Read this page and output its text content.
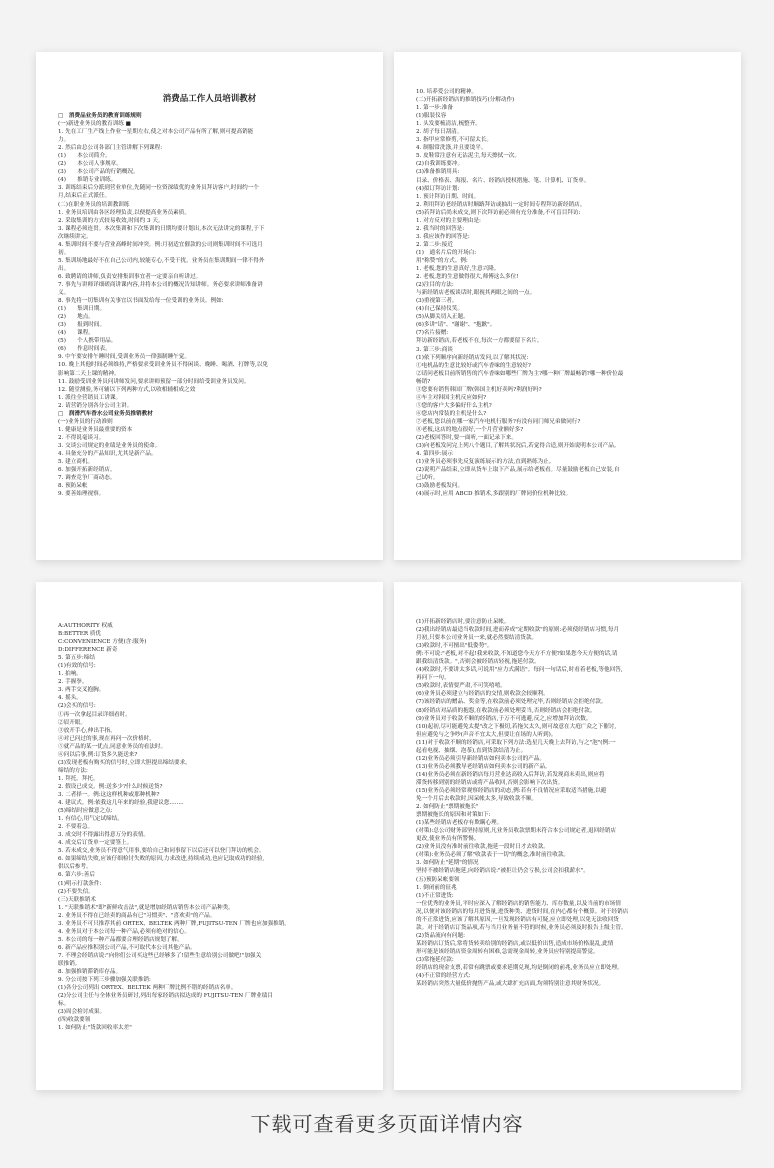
消费品工作人员培训教材
□　消费品业务员的教育训练规则
(一)新进业务员的教育训练 ■
1. 先在工厂生产线上作业一星期左右,使之对本公司产品有所了解,则可提高销能
力。
2. 然后由总公司各部门主管讲解下列课程:
(1)　　本公司简介。
(2)　　本公司人事规章。
(3)　　本公司产品的行销概况。
(4)　　推销专业训练。
3. 训练结束后分派到营业单位,先随同一位资深绩优的业务员拜访客户,时间约一个
月,结束后正式派任。
(二)在职业务员的培训教训练
1. 业务员培训由各区经理负责,以便提高业务员素质。
2. 采取集训的方式较易收效,时间约 3 天。
3. 课程必须连贯。本次集训和下次集训的日期均要计划出,本次无法讲完的课程,于下
次继续讲完。
4. 集训时间不要与营业高峰时间冲突。例:月初适宜催款的公司则集训时间不可选月
初。
5. 集训场地最好不在自己公司内,较能专心,不受干扰。业务员在集训期间一律不得外
出。
6. 致聘请的讲师,负责安排集训事宜者一定要亲自听讲过。
7. 事先与讲师详细磋商讲课内容,并将本公司的概况告知讲师。务必要求讲师准备讲
义。
8. 事先将一切集训有关事宜以书面发给每一位受训的业务员。例如:
(1)　　集训日期。
(2)　　地点。
(3)　　报到时间。
(4)　　课程。
(5)　　个人携带用品。
(6)　　作息时间表。
9. 中午要安排午睡时间,受训业务员一律强制睡午觉。
10. 晚上其他时间必须维持,严格要求受训业务员不得闲谈、晚睡、喝酒、打牌等,以免
影响第二天上课的精神。
11. 鼓励受训业务员问讲师发问,要求讲师预留一部分时间给受训业务员发问。
12. 随堂测验,务可辅以下列两种方式,以收相辅相成之效
1. 派往全营销员工讲课。
2. 请营销分别各分公司主讲。
□　润滑汽车香水公司业务员推销教材
(一)业务员的行动准则
1. 健康是业务员最重要的资本
2. 不得说毫谈习。
3. 交谈公司规定的业绩是业务员的使命。
4. 具备充分的产品知识,尤其是新产品。
5. 建立商机。
6. 加强开拓新经销店。
7. 调查竞争厂商动态。
8. 预防呆帐
9. 要善始理视察。
10. 培养爱公司的精神。
(二)开拓新经销店的推销技巧(分解动作)
1. 第一步:准备
(1)服装仪容
1. 头发要梳清洁,梳整齐。
2. 胡子每日刮清。
3. 指甲应常修剪,不可留太长。
4. 制服常洗涤,并且要烫平。
5. 皮鞋常注意有无沾泥尘,每天擦拭一次。
(2)自我训练要冲。
(3)准备推销用具:
目录、价格表、海报、名片、经销店授权措施、笔、计算机、订货单。
(4)拟订拜访计划:
1. 预计拜访日期、时间。
2. 利用拜访老经销店时顺路拜访或抽出一定时间专程拜访新经销店。
(5)若拜访后尚未成交,则下次拜访前必须有充分准备,不可盲目拜访:
1. 对方反对的主要理由是:
2. 我当时的回答是:
3. 我应该作的回答是:
2. 第二步:接近
(1)　通名片后的开场白:
用"称赞"的方式。例:
1. 老板,您的生意真好,生意兴隆。
2. 老板,您的生意做得很大,师傅这么多位!
(2)注目的方法:
与新经销店老板谈话时,眼视其两眼之间的一点。
(3)重视第三者。
(4)自己保持仪笑。
(5)从脚关切入正题。
(6)多讲"请"、"谢谢"、"抱歉"。
(7)名片接赠:
拜访新经销店,若老板不在,每次一方都要留下名片。
3. 第三步:商谈
(1)依下列顺序向新经销店发问,以了解其状况:
①电机品的生意比较好或汽车香味的生意较好?
②请问老板目前所销售的汽车香味如哪些厂牌为主?哪一种厂牌最畅销?哪一种价位最
畅销?
③您要有销售韩国厂牌(韩国主机好卖吗?利润好吗?
④车主对韩国主机反应如何?
⑤您的客户大多偏好什么主机?
⑥您店内常装的主机是什么?
⑦老板,您以前在哪一家汽车电机行服务?有没有同门师兄弟做同行?
⑧老板,这店的地点很好,一个月营业额好多?
(2)老板回答时,要一面听,一面记录下来。
(3)向老板发问完上列八个题目,了解其状况后,若觉得合适,则开始说明本公司产品。
4. 第四步:展示
(1)业务员必须事先反复演练展示的方法,直到熟练为止。
(2)说明产品结束,立即从货车上取下产品,展示给老板看。尽量鼓励老板自己安装,自
己试听。
(3)鼓励老板发问。
(4)展示时,应用 ABCD 推销术,多跟别的厂牌同价位机种比较。
A:AUTHORITY 权威
B:BETTER 质优
C:CONVENIENCE 方便(含:服务)
D:DIFFERENCE 新奇
5. 第五步:缔结
(1)有效的信号:
1. 拍响。
2. 手握拳。
3. 两手交叉抱胸。
4. 摇头。
(2)会买的信号:
①再一次拿起目录详细看时。
②眉开眼。
③放开手心,伸出手指。
④对已问过的事,现在再问一次价格时。
⑤就产品的某一优点,同意业务员的看法时。
⑥问以后事,例:订货多久能送来?
(3)发现老板有购买的信号时,立即大胆提出缔结要求。
缔结的方法:
1. 拜托。拜托。
2. 假设已成交。例:送多少?什么时候送货?
3. 二者择一。例:这这样机种或那种机种?
4. 建议式。例:依我这几年来的经验,我建议您........
(5)缔结时应做意之点:
1. 有信心,用气定试缔结。
2. 不要着急。
3. 成交时不得露出得意万分的表情。
4. 成交后订货单一定要签上。
5. 若未成交,业务员不得意气用事,要给自己和同事留下以后还可以登门拜访的机会。
6. 如果缔结失败,应该仔细检讨失败的原因,力求改进,持续成功,也应记取成功的经验,
供以后参考。
6. 第六步:善后
(1)明示打款条件:
(2)不要失信。
(三)天联推销术
1. "天联推销术"即"新鲜攻击法",就是增加经销店销售本公司产品种类。
2. 业务员不得在已经卖的商品有已"习惯卖"、"喜欢卖"的产品。
3. 业务员不可只推荐其前 ORTEX、BELTEK 两种厂牌,FUJITSU-TEN 厂牌也应加强推销。
4. 业务员对于本公司每一种产品,必须有绝对的信心。
5. 本公司的每一种产品都要合理经销店规划了解。
6. 新产品应推积别公司产品,不可取代本公司其他产品。
7. 不理会经销店说:"向你们公司买这些已经够多了!留些生意给别公司做吧!"加强关
联推销。
8. 加强推销滞销库存品。
9. 分公司按下列三步骤加强关联推销:
(1)各分公司列出 ORTEX、BELTEK 两种厂牌比例不错的经销店名单。
(2)分公司主任与全体业务员研讨,列出每家经销店拟达成的 FUJITSU-TEN 厂牌业绩目
标。
(3)周会检讨成果。
(四)收款要领
1. 如何防止"货款回收率太差"
(1)开拓新经销店时,要注意防止呆帐。
(2)我出经销店最适当收款时间,进而养成"定期收款"的原则:必须使经销店习惯,每月
月初,只要本公司业务员一来,就必然要结清货款。
(3)收款时,不可擅出"低姿势"。
例:不可说:"老板,对不起!我来收款,不知道您今天方不方便?如果您今天方便的话,请
跟我结清货款。",否则会被经销店轻视,拖延付款。
(4)收款时,不要讲太多话,可说用"应力式满语"。每问一句话后,时看着老板,等他回答,
再问下一句。
(5)收款时,表情要严肃,不可笑嘻嘻。
(6)业务员必须建立与经销店的交情,则收款会较顺利。
(7)该经销店的赠品、奖金等,在收款前必须处理完毕,否则经销店会拒绝付款。
(8)经销店对品质的抱怨,在收款前必须处理妥当,否则经销店会拒绝付款。
(9)业务员对于收款不顺的经销店,于万不可逃避,反之,应增加拜访次数。
(10)起初,尽可能避免太提"改之下极切,若拖欠太久,则可故意在大庭广众之下催讨,
但应避免与之争吵(声音不宜太大,但要让在场的人听到)。
(11)对于收款不顺的经销店,可采取下列方法:选星几天晚上去拜访,与之"泡"(例:一
起看电视、抽烟、泡茶),直到货款结清为止。
(12)业务员必须引导新经销店如何卖本公司的产品。
(13)业务员必须教导老经销店如何卖本公司的新产品。
(14)业务员必须在新经销店每月营业达高收入后拜访,若发现商未卖出,则应将
滞货转移到别的经销店或将产品收回,否则会影响下次出货。
(15)业务员必须经常观察经销店的动态,例:若有不良情况应采取适当措施,以避
免一个月后去收款时,因呆帐太多,导致收款不顺。
2. 如何防止"票期被拖长"
票期被拖长的原因和对策如下:
(1)某些经销店老板存有欺瞒心理。
(对策):总公司财务部坚持原则,凡业务员收款票期未符合本公司规定者,退回经销店
更改,使业务员有所警惕。
(2)业务员没有准时前往收款,拖延一段时日才去收款。
(对策):业务员必须了解"收款表于一切"的概念,准时前往收款。
3. 如何防止"延期"的情况
坚持不被经销店拖延,向经销店说:"被拒让仍会亏损,公司会扣我薪水"。
(五)预防呆帐要领
1. 倒闭前的征兆
(1)不正常进货:
一位优秀的业务员,平时应深入了解经销店的销售能力、库存数量,以及当前的市场情
况,以便对该经销店的每月进货量,进货种类、进货时间,在内心都有个概算。对于经销店
的不正常进货,应该了解其原因,一旦发现经销店有可疑,应立即处理,以免无法收回货
款。对于经销店订货品项,若与当月业务量不符的时候,业务员必须及时报告上级主管。
(2)货品流向有问题:
某经销店订货后,常将货转卖给别的经销店,或以低价出售,造成市场价格混乱,此情
形可能是该经销店资金周转有困难,急需现金周转,业务员应特别提高警觉。
(3)常拖延付款:
经销店的现金支票,若常有跳票或要求延期兑现,均是倒闭的前兆,业务员应立即处理。
(4)不正常的经营方式:
某经销店突然大量低价抛售产品,或大肆扩充店面,均须特别注意其财务状况。
下载可查看更多页面详情内容
